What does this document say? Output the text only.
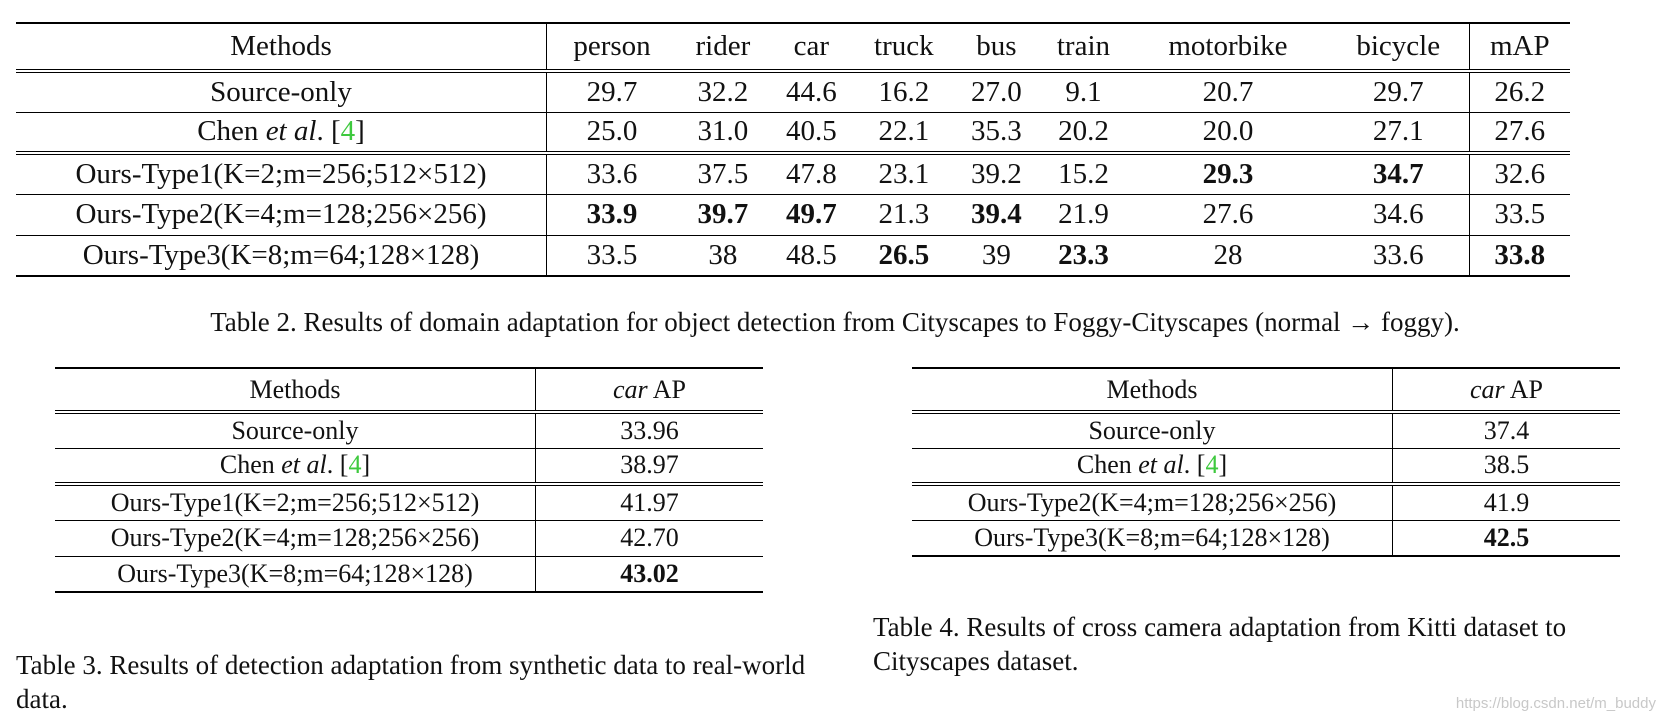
Methods	person	rider	car	truck	bus	train	motorbike	bicycle	mAP
Source-only	29.7	32.2	44.6	16.2	27.0	9.1	20.7	29.7	26.2
Chen et al. [4]	25.0	31.0	40.5	22.1	35.3	20.2	20.0	27.1	27.6
Ours-Type1(K=2;m=256;512×512)	33.6	37.5	47.8	23.1	39.2	15.2	29.3	34.7	32.6
Ours-Type2(K=4;m=128;256×256)	33.9	39.7	49.7	21.3	39.4	21.9	27.6	34.6	33.5
Ours-Type3(K=8;m=64;128×128)	33.5	38	48.5	26.5	39	23.3	28	33.6	33.8
Table 2. Results of domain adaptation for object detection from Cityscapes to Foggy-Cityscapes (normal → foggy).
Methods	car AP
Source-only	33.96
Chen et al. [4]	38.97
Ours-Type1(K=2;m=256;512×512)	41.97
Ours-Type2(K=4;m=128;256×256)	42.70
Ours-Type3(K=8;m=64;128×128)	43.02
Table 3. Results of detection adaptation from synthetic data to real-world data.
Methods	car AP
Source-only	37.4
Chen et al. [4]	38.5
Ours-Type2(K=4;m=128;256×256)	41.9
Ours-Type3(K=8;m=64;128×128)	42.5
Table 4. Results of cross camera adaptation from Kitti dataset to Cityscapes dataset.
https://blog.csdn.net/m_buddy
